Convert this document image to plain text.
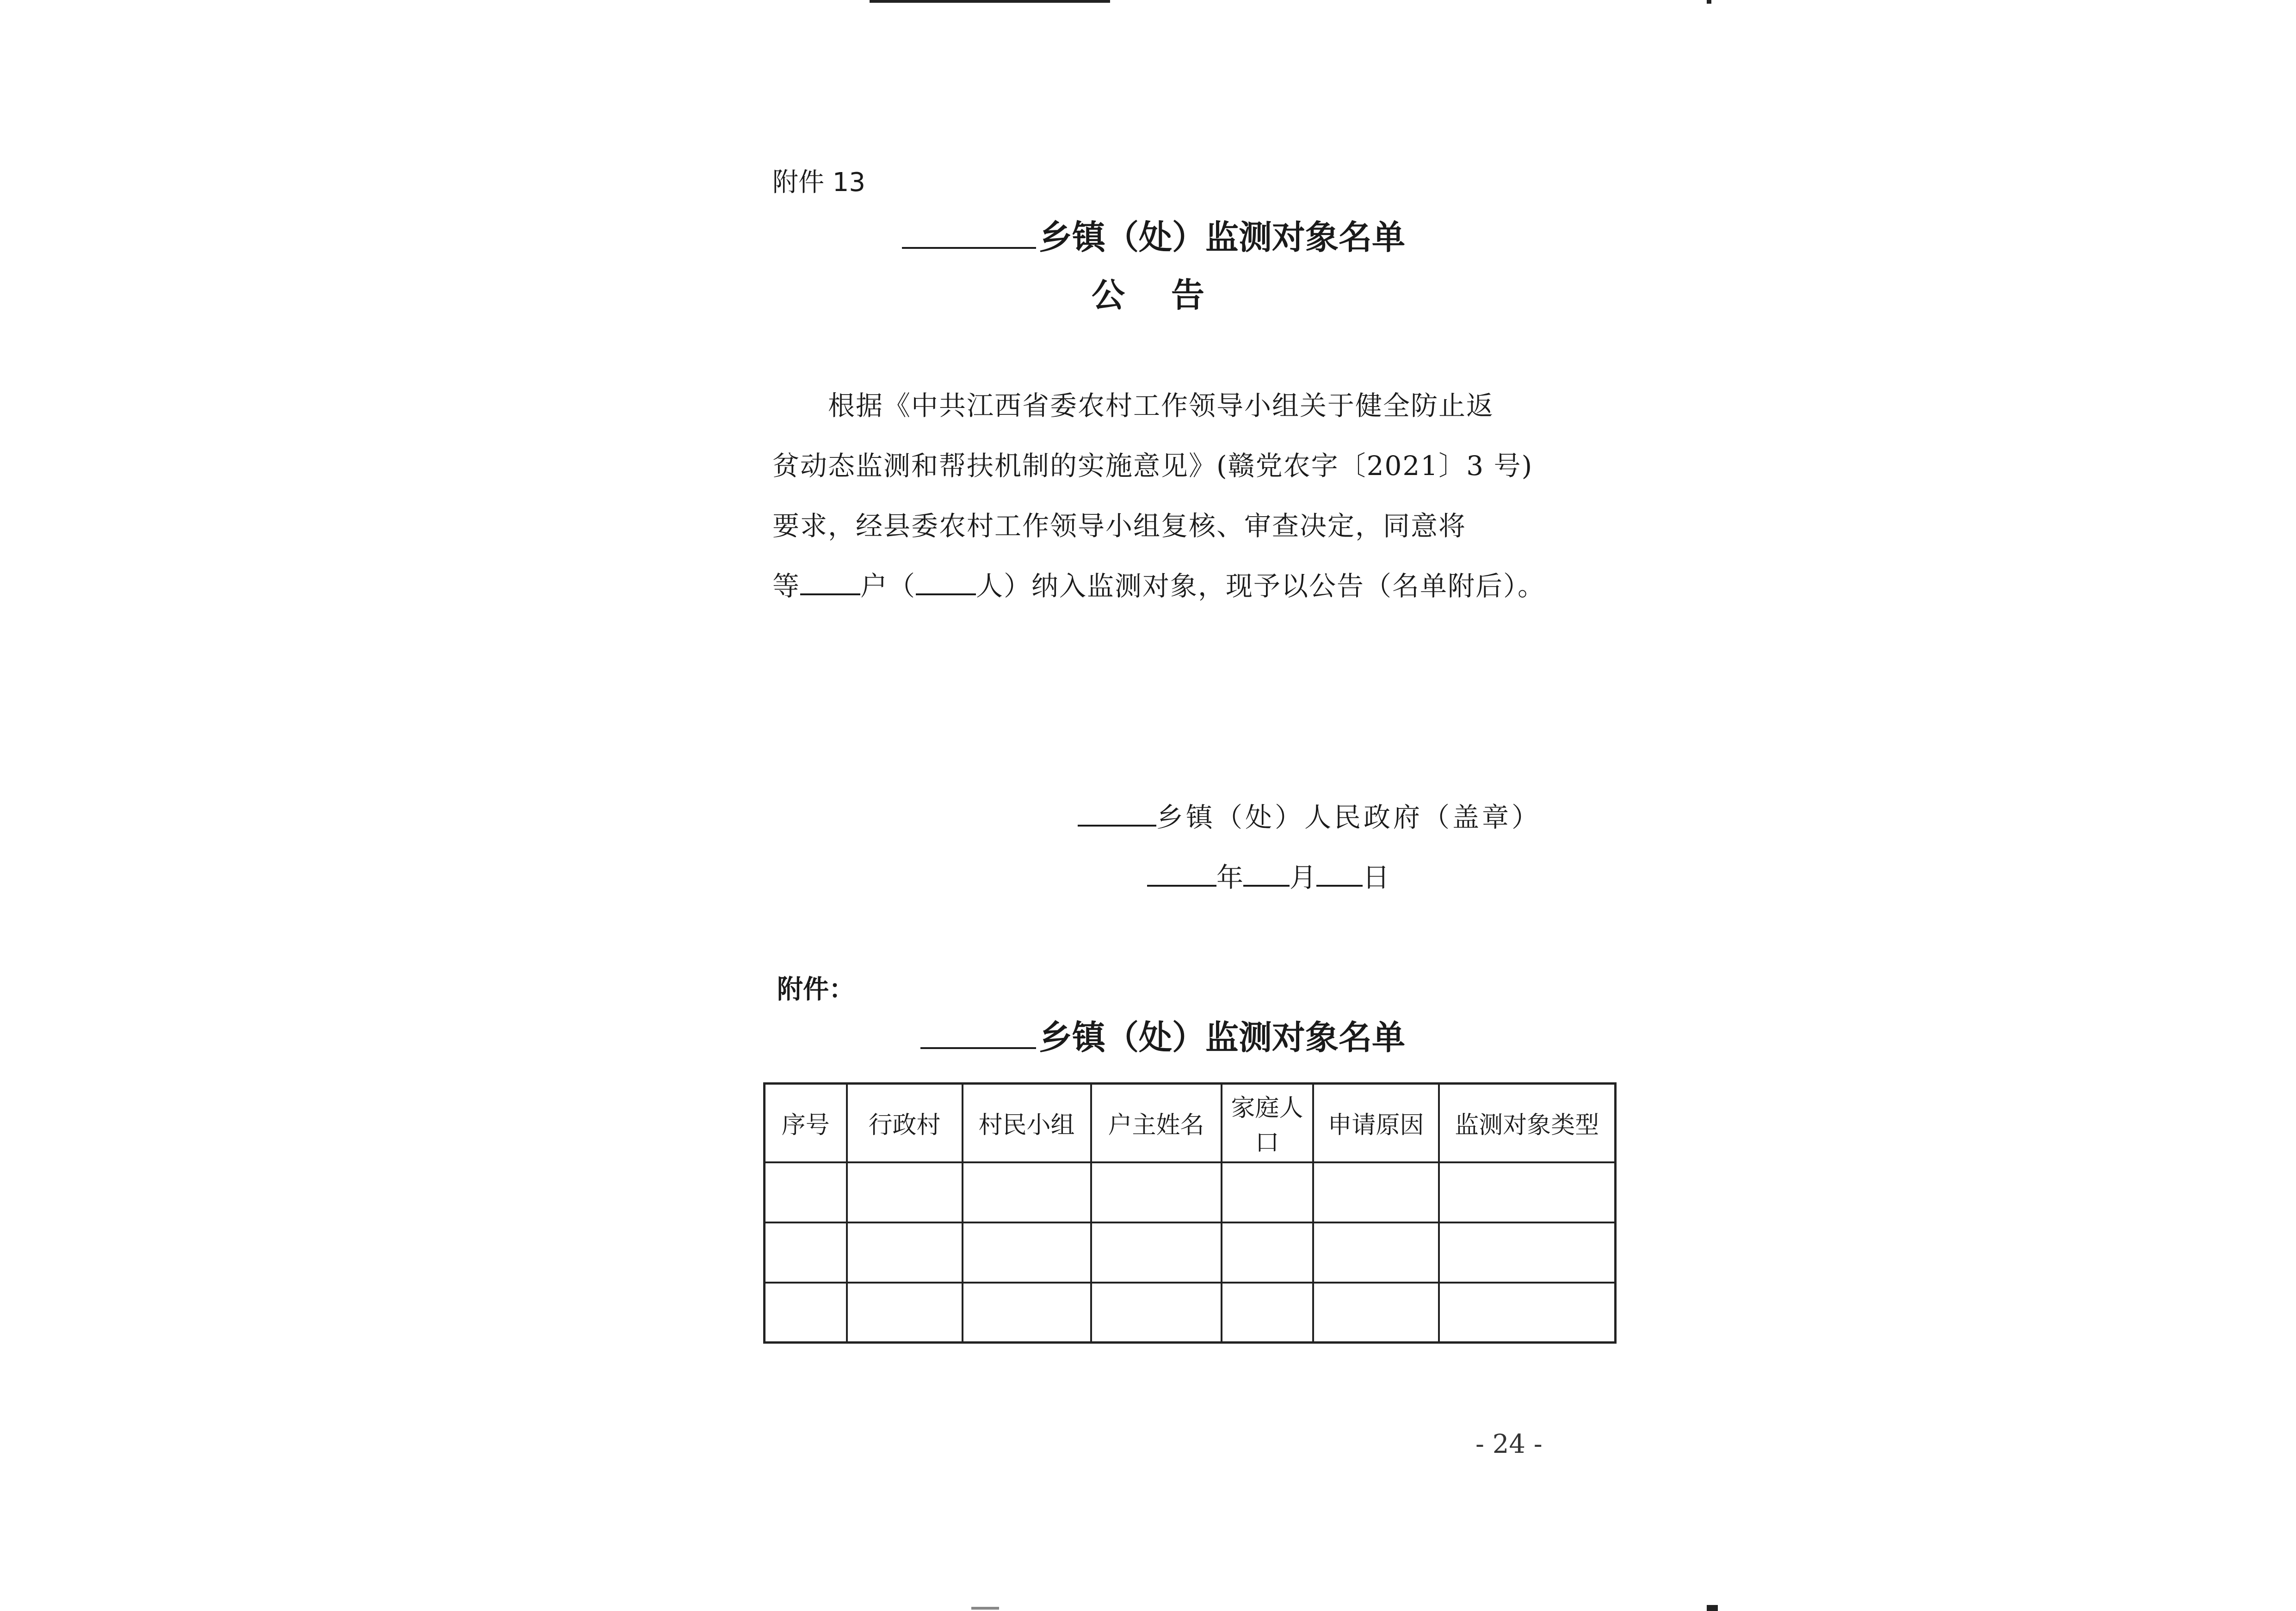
附件 13
乡镇（处）监测对象名单
公告
根据《中共江西省委农村工作领导小组关于健全防止返
贫动态监测和帮扶机制的实施意见》(赣党农字〔2021〕3 号)
要求，经县委农村工作领导小组复核、审查决定，同意将
等 户（ 人）纳入监测对象，现予以公告（名单附后）。
乡镇（处）人民政府（盖章）
年 月 日
附件：
乡镇（处）监测对象名单
序号	行政村	村民小组	户主姓名	家庭人口	申请原因	监测对象类型

- 24 -
